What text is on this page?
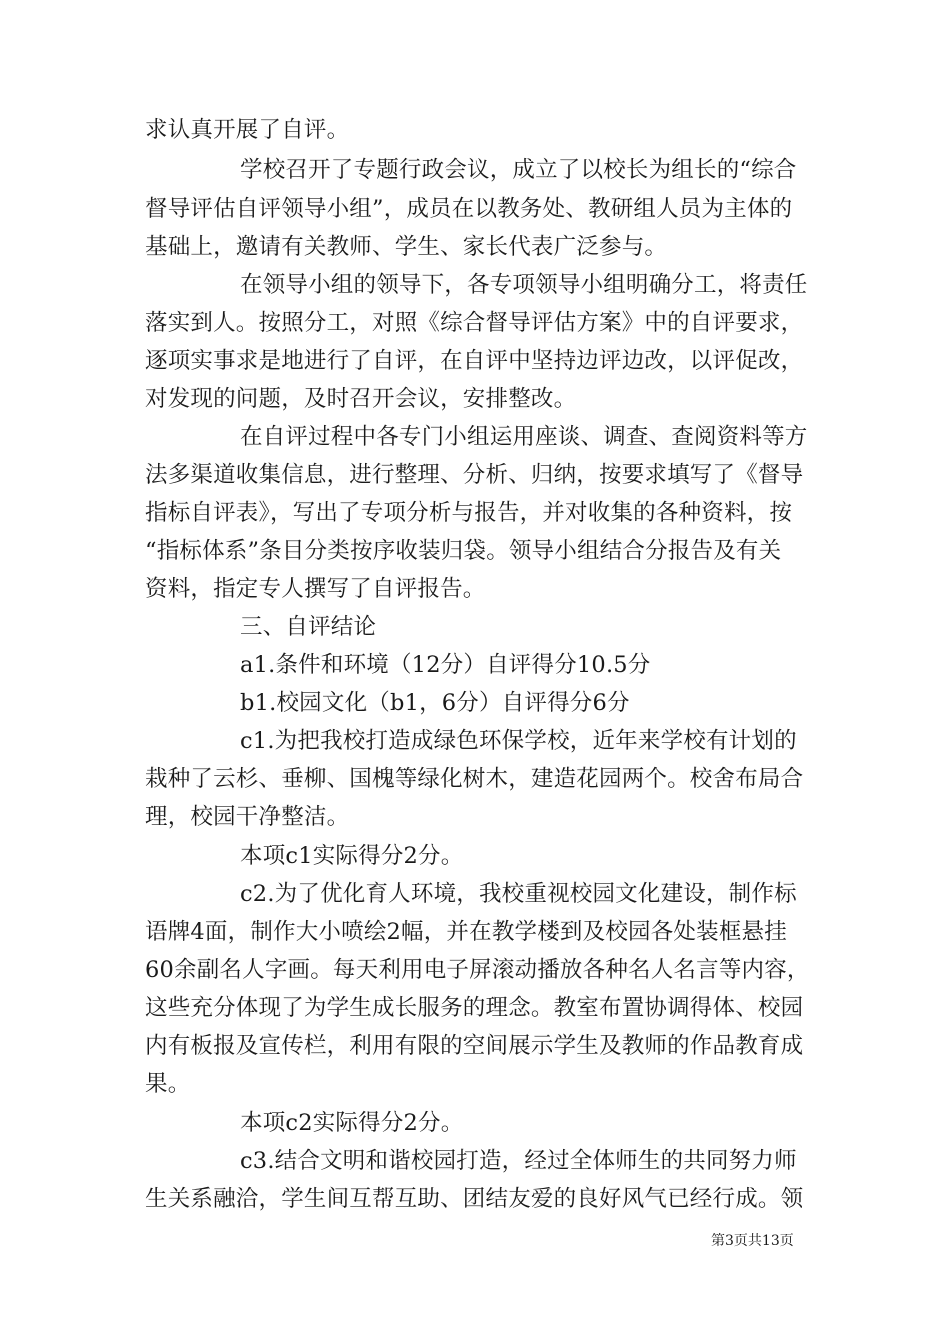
求认真开展了自评。
学校召开了专题行政会议，成立了以校长为组长的“综合
督导评估自评领导小组”，成员在以教务处、教研组人员为主体的
基础上，邀请有关教师、学生、家长代表广泛参与。
在领导小组的领导下，各专项领导小组明确分工，将责任
落实到人。按照分工，对照《综合督导评估方案》中的自评要求，
逐项实事求是地进行了自评，在自评中坚持边评边改，以评促改，
对发现的问题，及时召开会议，安排整改。
在自评过程中各专门小组运用座谈、调查、查阅资料等方
法多渠道收集信息，进行整理、分析、归纳，按要求填写了《督导
指标自评表》，写出了专项分析与报告，并对收集的各种资料，按
“指标体系”条目分类按序收装归袋。领导小组结合分报告及有关
资料，指定专人撰写了自评报告。
三、自评结论
a1.条件和环境（12分）自评得分10.5分
b1.校园文化（b1，6分）自评得分6分
c1.为把我校打造成绿色环保学校，近年来学校有计划的
栽种了云杉、垂柳、国槐等绿化树木，建造花园两个。校舍布局合
理，校园干净整洁。
本项c1实际得分2分。
c2.为了优化育人环境，我校重视校园文化建设，制作标
语牌4面，制作大小喷绘2幅，并在教学楼到及校园各处装框悬挂
60余副名人字画。每天利用电子屏滚动播放各种名人名言等内容，
这些充分体现了为学生成长服务的理念。教室布置协调得体、校园
内有板报及宣传栏，利用有限的空间展示学生及教师的作品教育成
果。
本项c2实际得分2分。
c3.结合文明和谐校园打造，经过全体师生的共同努力师
生关系融洽，学生间互帮互助、团结友爱的良好风气已经行成。领
第3页共13页
